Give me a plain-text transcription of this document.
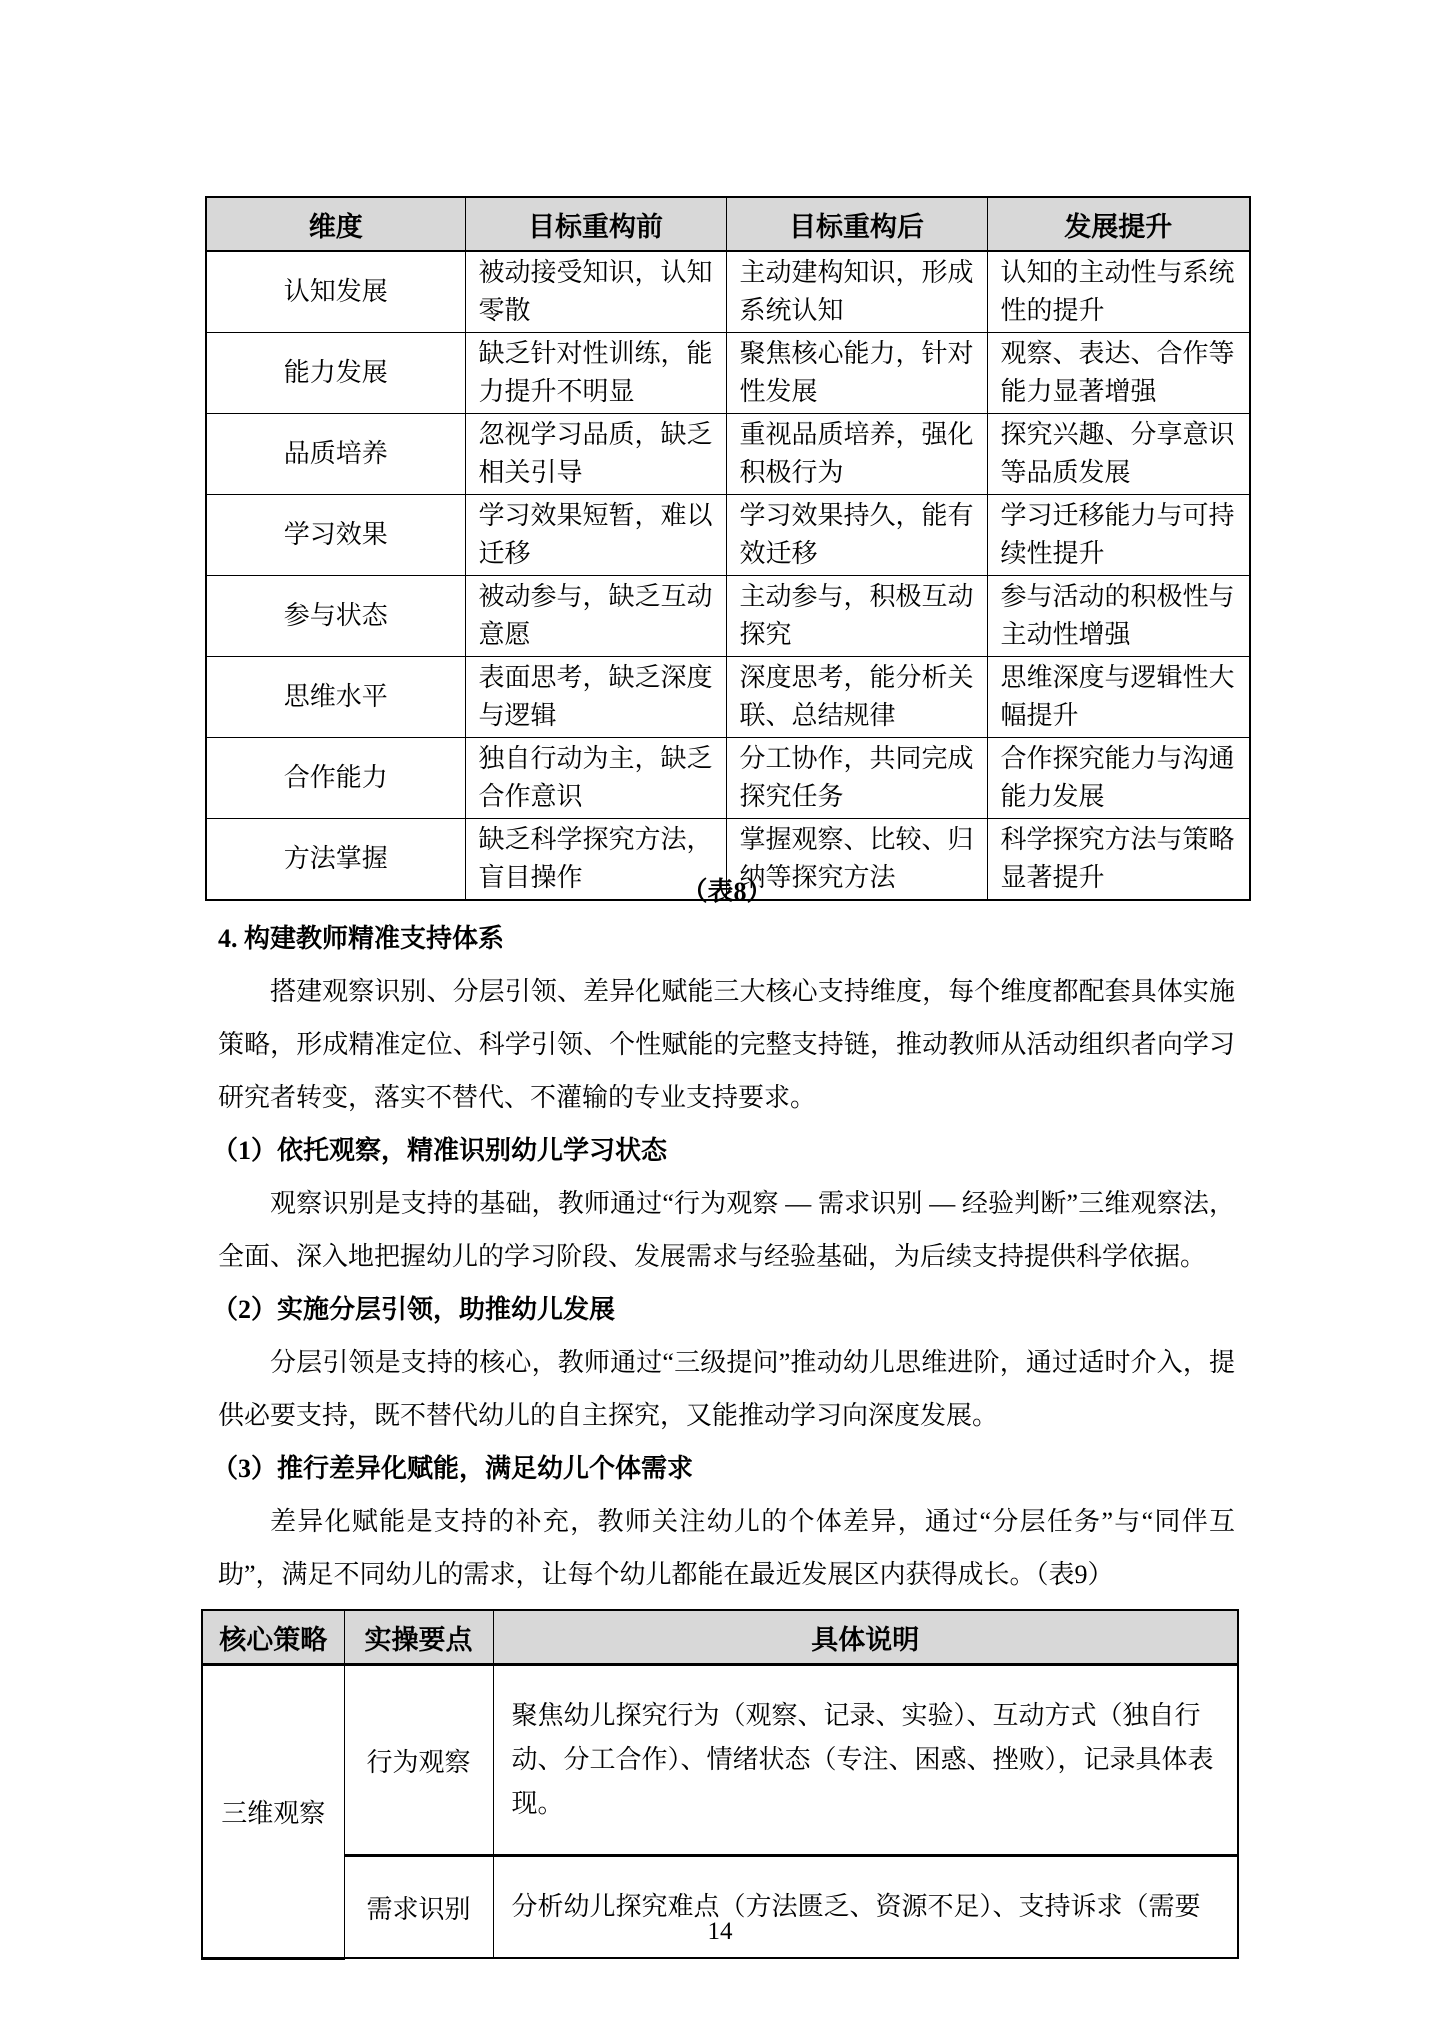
维度	目标重构前	目标重构后	发展提升
认知发展	被动接受知识，认知零散	主动建构知识，形成系统认知	认知的主动性与系统性的提升
能力发展	缺乏针对性训练，能力提升不明显	聚焦核心能力，针对性发展	观察、表达、合作等能力显著增强
品质培养	忽视学习品质，缺乏相关引导	重视品质培养，强化积极行为	探究兴趣、分享意识等品质发展
学习效果	学习效果短暂，难以迁移	学习效果持久，能有效迁移	学习迁移能力与可持续性提升
参与状态	被动参与，缺乏互动意愿	主动参与，积极互动探究	参与活动的积极性与主动性增强
思维水平	表面思考，缺乏深度与逻辑	深度思考，能分析关联、总结规律	思维深度与逻辑性大幅提升
合作能力	独自行动为主，缺乏合作意识	分工协作，共同完成探究任务	合作探究能力与沟通能力发展
方法掌握	缺乏科学探究方法，盲目操作	掌握观察、比较、归纳等探究方法	科学探究方法与策略显著提升
（表8）
4. 构建教师精准支持体系

搭建观察识别、分层引领、差异化赋能三大核心支持维度，每个维度都配套具体实施策略，形成精准定位、科学引领、个性赋能的完整支持链，推动教师从活动组织者向学习研究者转变，落实不替代、不灌输的专业支持要求。

（1）依托观察，精准识别幼儿学习状态

观察识别是支持的基础，教师通过“行为观察 — 需求识别 — 经验判断”三维观察法，全面、深入地把握幼儿的学习阶段、发展需求与经验基础，为后续支持提供科学依据。

（2）实施分层引领，助推幼儿发展

分层引领是支持的核心，教师通过“三级提问”推动幼儿思维进阶，通过适时介入，提供必要支持，既不替代幼儿的自主探究，又能推动学习向深度发展。

（3）推行差异化赋能，满足幼儿个体需求

差异化赋能是支持的补充，教师关注幼儿的个体差异，通过“分层任务”与“同伴互助”，满足不同幼儿的需求，让每个幼儿都能在最近发展区内获得成长。（表9）

核心策略	实操要点	具体说明
三维观察	行为观察	聚焦幼儿探究行为（观察、记录、实验）、互动方式（独自行动、分工合作）、情绪状态（专注、困惑、挫败），记录具体表现。
	需求识别	分析幼儿探究难点（方法匮乏、资源不足）、支持诉求（需要
14
